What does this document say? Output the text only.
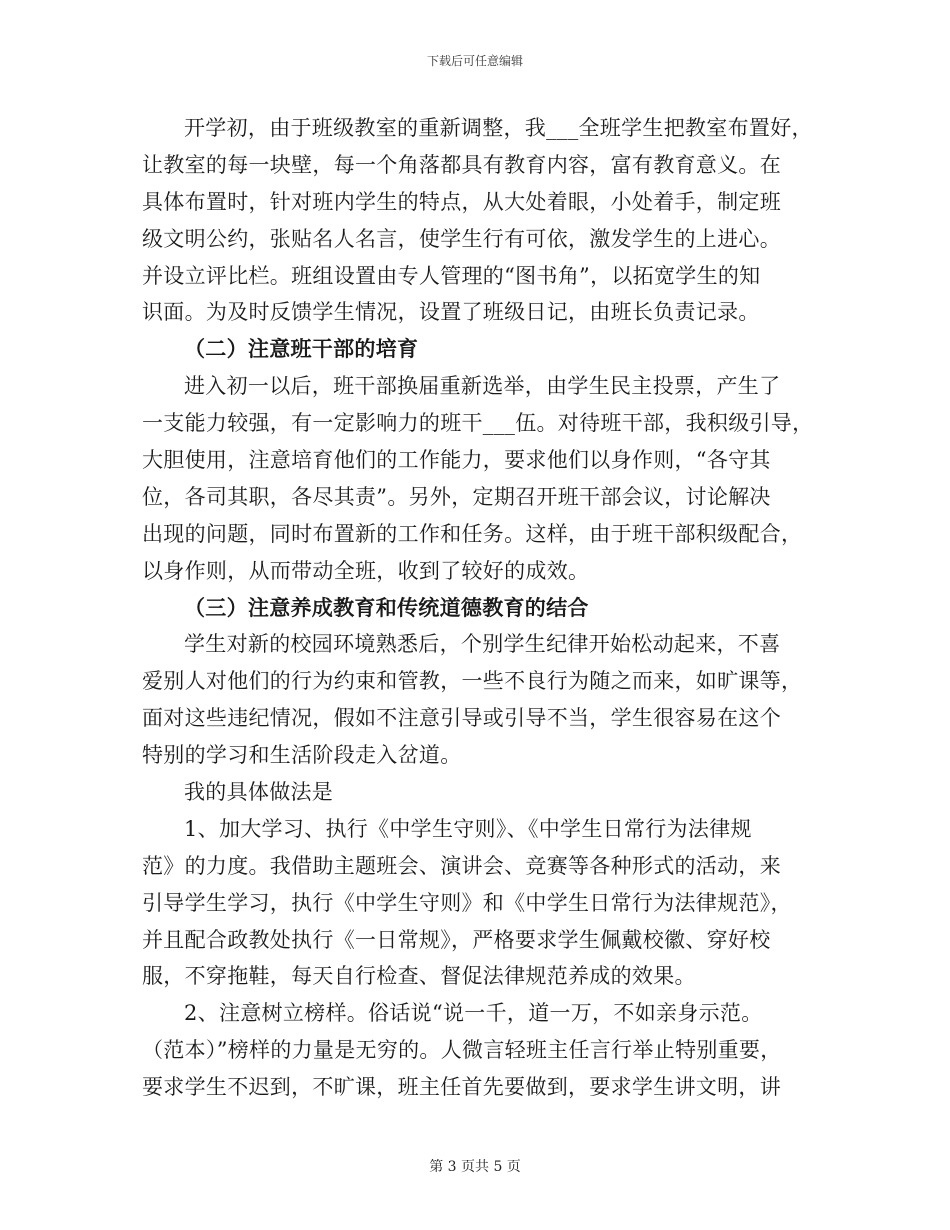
下载后可任意编辑
开学初，由于班级教室的重新调整，我___全班学生把教室布置好，
让教室的每一块壁，每一个角落都具有教育内容，富有教育意义。在
具体布置时，针对班内学生的特点，从大处着眼，小处着手，制定班
级文明公约，张贴名人名言，使学生行有可依，激发学生的上进心。
并设立评比栏。班组设置由专人管理的“图书角”，以拓宽学生的知
识面。为及时反馈学生情况，设置了班级日记，由班长负责记录。
（二）注意班干部的培育
进入初一以后，班干部换届重新选举，由学生民主投票，产生了
一支能力较强，有一定影响力的班干___伍。对待班干部，我积级引导，
大胆使用，注意培育他们的工作能力，要求他们以身作则，“各守其
位，各司其职，各尽其责”。另外，定期召开班干部会议，讨论解决
出现的问题，同时布置新的工作和任务。这样，由于班干部积级配合，
以身作则，从而带动全班，收到了较好的成效。
（三）注意养成教育和传统道德教育的结合
学生对新的校园环境熟悉后，个别学生纪律开始松动起来，不喜
爱别人对他们的行为约束和管教，一些不良行为随之而来，如旷课等，
面对这些违纪情况，假如不注意引导或引导不当，学生很容易在这个
特别的学习和生活阶段走入岔道。
我的具体做法是
1、加大学习、执行《中学生守则》、《中学生日常行为法律规
范》的力度。我借助主题班会、演讲会、竞赛等各种形式的活动，来
引导学生学习，执行《中学生守则》和《中学生日常行为法律规范》，
并且配合政教处执行《一日常规》，严格要求学生佩戴校徽、穿好校
服，不穿拖鞋，每天自行检查、督促法律规范养成的效果。
2、注意树立榜样。俗话说“说一千，道一万，不如亲身示范。
（范本）”榜样的力量是无穷的。人微言轻班主任言行举止特别重要，
要求学生不迟到，不旷课，班主任首先要做到，要求学生讲文明，讲
第 3 页共 5 页
